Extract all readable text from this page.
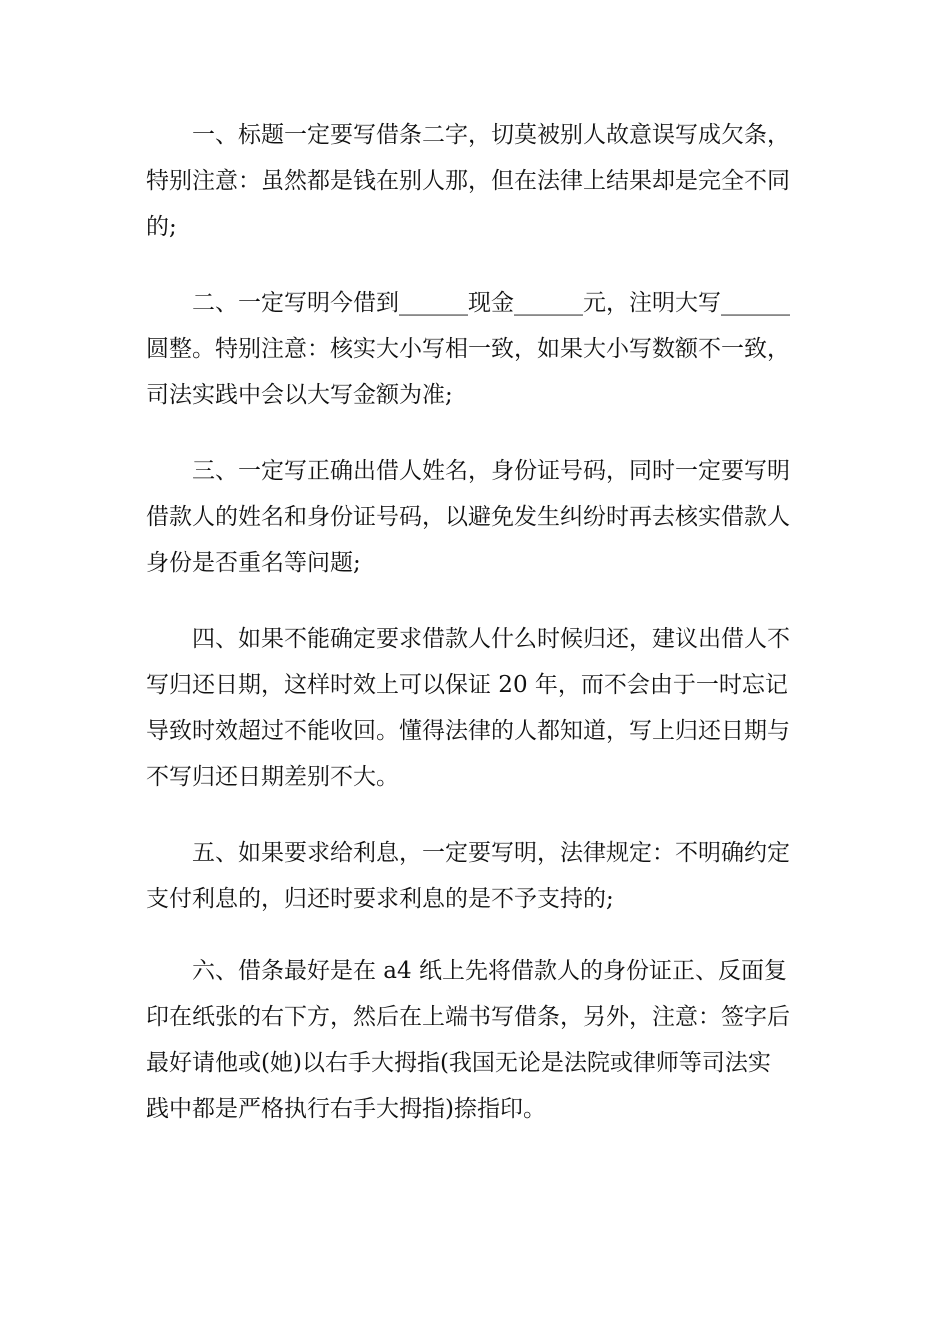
一、标题一定要写借条二字，切莫被别人故意误写成欠条，
特别注意：虽然都是钱在别人那，但在法律上结果却是完全不同
的;
二、一定写明今借到______现金______元，注明大写______
圆整。特别注意：核实大小写相一致，如果大小写数额不一致，
司法实践中会以大写金额为准;
三、一定写正确出借人姓名，身份证号码，同时一定要写明
借款人的姓名和身份证号码，以避免发生纠纷时再去核实借款人
身份是否重名等问题;
四、如果不能确定要求借款人什么时候归还，建议出借人不
写归还日期，这样时效上可以保证 20 年，而不会由于一时忘记
导致时效超过不能收回。懂得法律的人都知道，写上归还日期与
不写归还日期差别不大。
五、如果要求给利息，一定要写明，法律规定：不明确约定
支付利息的，归还时要求利息的是不予支持的;
六、借条最好是在 a4 纸上先将借款人的身份证正、反面复
印在纸张的右下方，然后在上端书写借条，另外，注意：签字后
最好请他或(她)以右手大拇指(我国无论是法院或律师等司法实
践中都是严格执行右手大拇指)捺指印。
